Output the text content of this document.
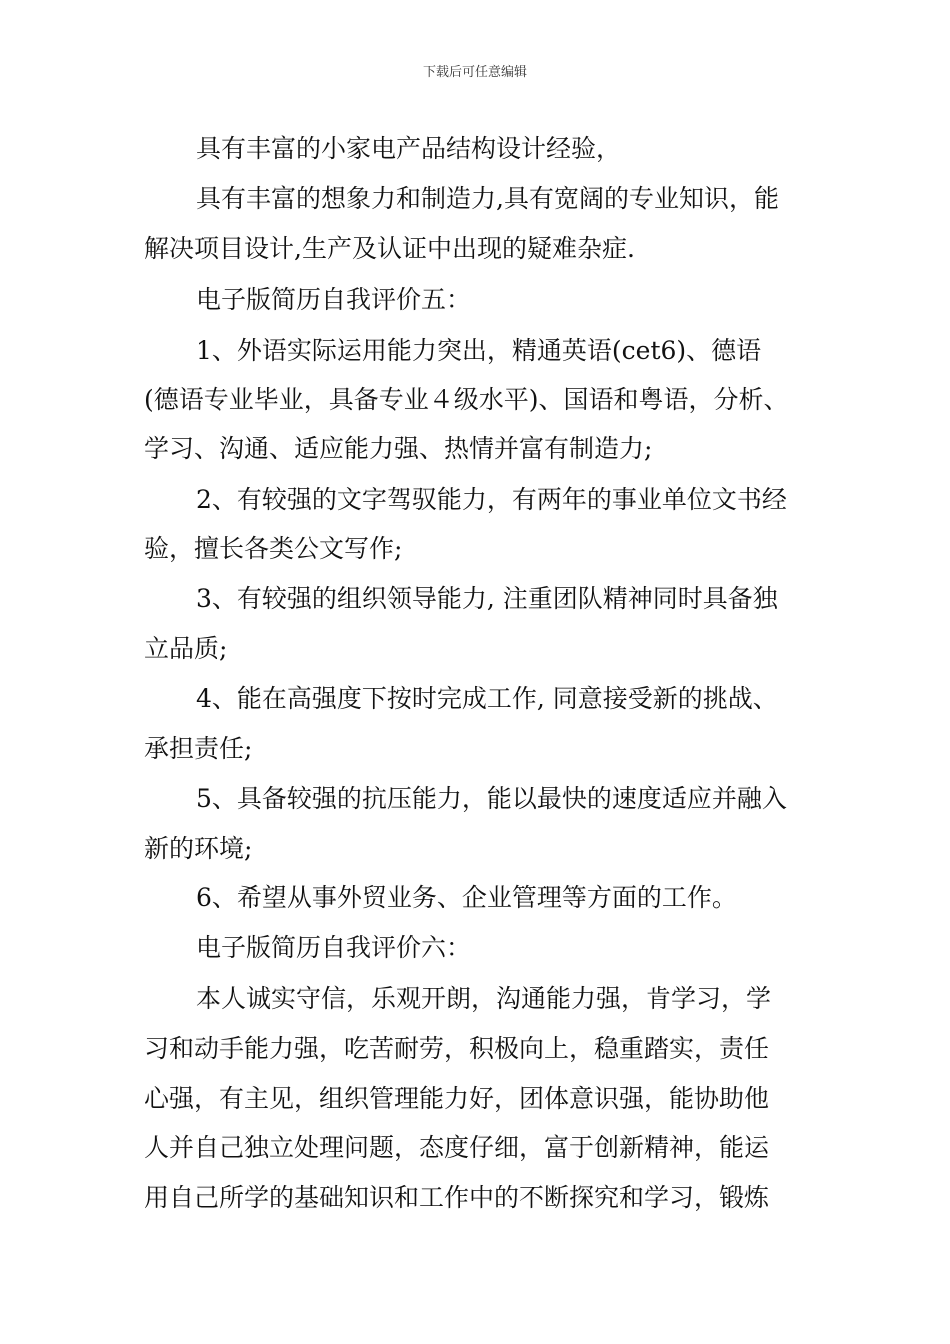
下载后可任意编辑
具有丰富的小家电产品结构设计经验，
具有丰富的想象力和制造力,具有宽阔的专业知识，能
解决项目设计,生产及认证中出现的疑难杂症.
电子版简历自我评价五：
1、外语实际运用能力突出，精通英语(cet6)、德语
(德语专业毕业，具备专业４级水平)、国语和粤语，分析、
学习、沟通、适应能力强、热情并富有制造力;
2、有较强的文字驾驭能力，有两年的事业单位文书经
验，擅长各类公文写作;
3、有较强的组织领导能力, 注重团队精神同时具备独
立品质;
4、能在高强度下按时完成工作, 同意接受新的挑战、
承担责任;
5、具备较强的抗压能力，能以最快的速度适应并融入
新的环境;
6、希望从事外贸业务、企业管理等方面的工作。
电子版简历自我评价六：
本人诚实守信，乐观开朗，沟通能力强，肯学习，学
习和动手能力强，吃苦耐劳，积极向上，稳重踏实，责任
心强，有主见，组织管理能力好，团体意识强，能协助他
人并自己独立处理问题，态度仔细，富于创新精神，能运
用自己所学的基础知识和工作中的不断探究和学习，锻炼
